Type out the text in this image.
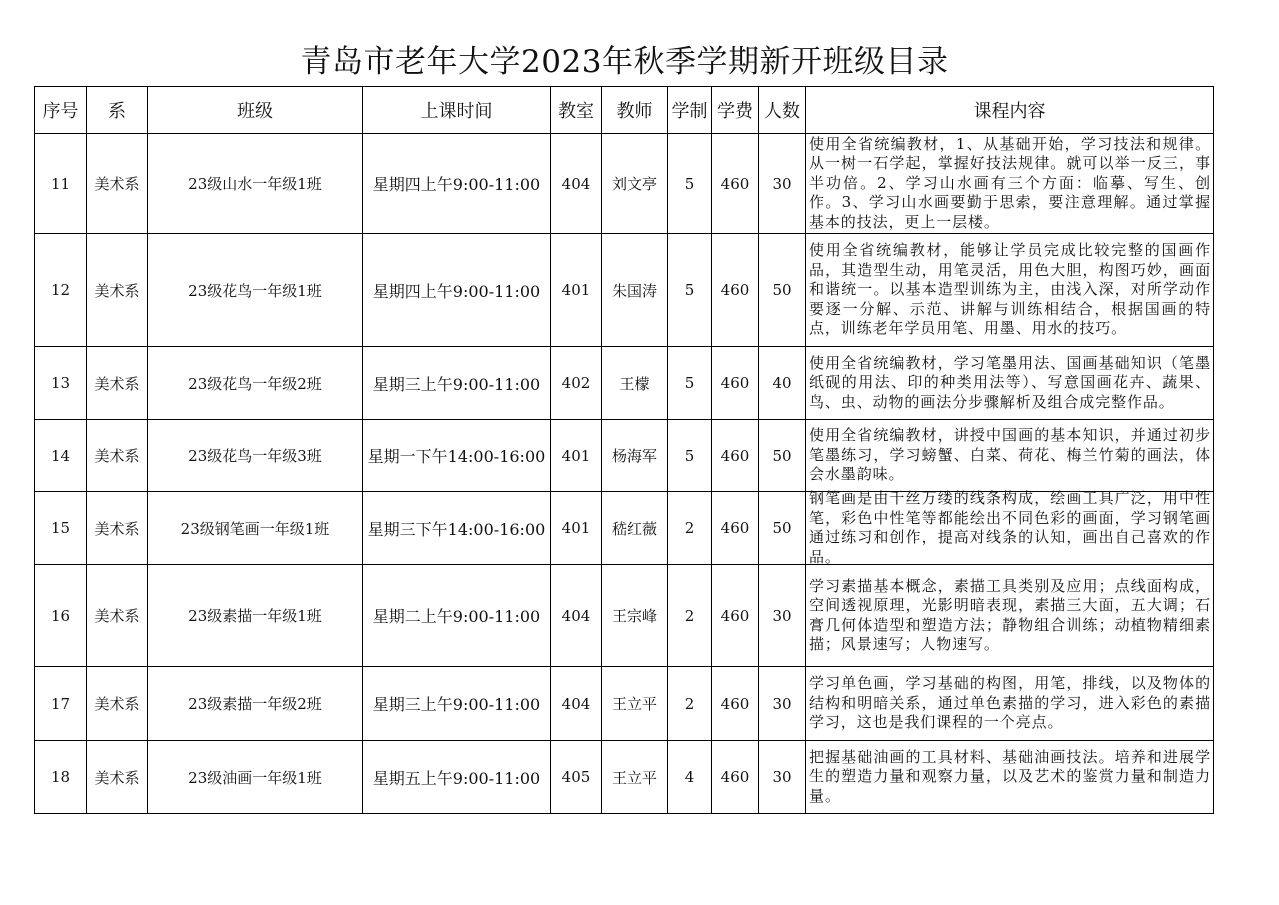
青岛市老年大学2023年秋季学期新开班级目录
序号	系	班级	上课时间	教室	教师	学制 学费 人数	课程内容
11	美术系	23级山水一年级1班	星期四上午9:00-11:00	404	刘文亭	5	460	30
使用全省统编教材，1、从基础开始，学习技法和规律。从一树一石学起，掌握好技法规律。就可以举一反三，事半功倍。2、学习山水画有三个方面：临摹、写生、创作。3、学习山水画要勤于思索，要注意理解。通过掌握基本的技法，更上一层楼。
12	美术系	23级花鸟一年级1班	星期四上午9:00-11:00	401	朱国涛	5	460	50
使用全省统编教材，能够让学员完成比较完整的国画作品，其造型生动，用笔灵活，用色大胆，构图巧妙，画面和谐统一。以基本造型训练为主，由浅入深，对所学动作要逐一分解、示范、讲解与训练相结合，根据国画的特点，训练老年学员用笔、用墨、用水的技巧。
13	美术系	23级花鸟一年级2班	星期三上午9:00-11:00	402	王檬	5	460	40
使用全省统编教材，学习笔墨用法、国画基础知识（笔墨纸砚的用法、印的种类用法等）、写意国画花卉、蔬果、鸟、虫、动物的画法分步骤解析及组合成完整作品。
14	美术系	23级花鸟一年级3班	星期一下午14:00-16:00	401	杨海军	5	460	50
使用全省统编教材，讲授中国画的基本知识，并通过初步笔墨练习，学习螃蟹、白菜、荷花、梅兰竹菊的画法，体会水墨韵味。
15	美术系	23级钢笔画一年级1班	星期三下午14:00-16:00	401	嵇红薇	2	460	50
钢笔画是由千丝万缕的线条构成，绘画工具广泛，用中性笔，彩色中性笔等都能绘出不同色彩的画面，学习钢笔画通过练习和创作，提高对线条的认知，画出自己喜欢的作品。
16	美术系	23级素描一年级1班	星期二上午9:00-11:00	404	王宗峰	2	460	30
学习素描基本概念，素描工具类别及应用；点线面构成，空间透视原理，光影明暗表现，素描三大面，五大调；石膏几何体造型和塑造方法；静物组合训练；动植物精细素描；风景速写；人物速写。
17	美术系	23级素描一年级2班	星期三上午9:00-11:00	404	王立平	2	460	30
学习单色画，学习基础的构图，用笔，排线，以及物体的结构和明暗关系，通过单色素描的学习，进入彩色的素描学习，这也是我们课程的一个亮点。
18	美术系	23级油画一年级1班	星期五上午9:00-11:00	405	王立平	4	460	30
把握基础油画的工具材料、基础油画技法。培养和进展学生的塑造力量和观察力量，以及艺术的鉴赏力量和制造力量。
